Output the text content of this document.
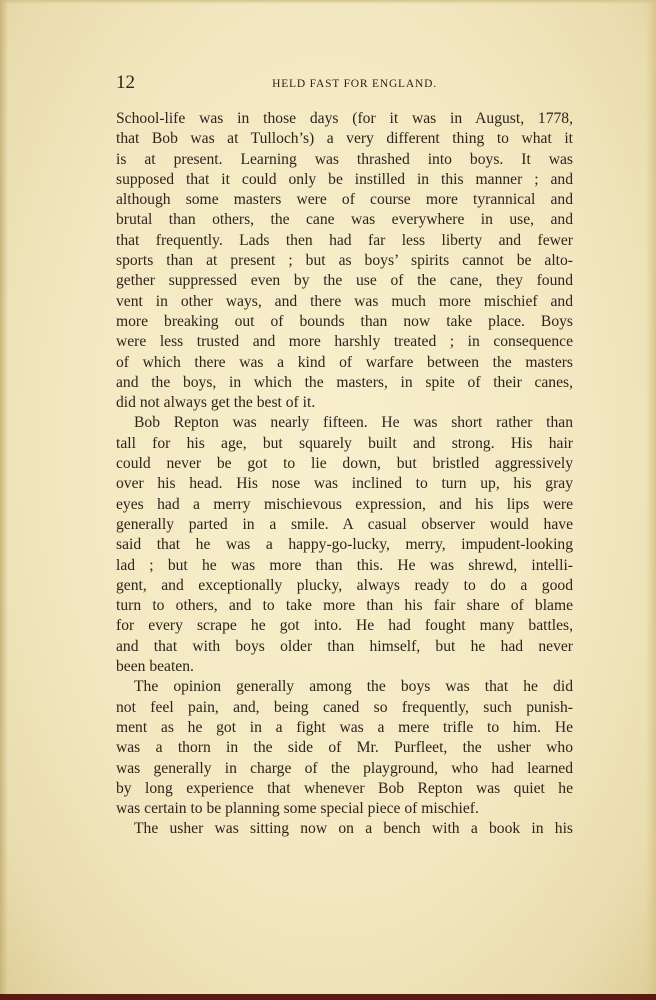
12	HELD FAST FOR ENGLAND.
School-life was in those days (for it was in August, 1778,
that Bob was at Tulloch’s) a very different thing to what it
is at present. Learning was thrashed into boys. It was
supposed that it could only be instilled in this manner ; and
although some masters were of course more tyrannical and
brutal than others, the cane was everywhere in use, and
that frequently. Lads then had far less liberty and fewer
sports than at present ; but as boys’ spirits cannot be alto-
gether suppressed even by the use of the cane, they found
vent in other ways, and there was much more mischief and
more breaking out of bounds than now take place. Boys
were less trusted and more harshly treated ; in consequence
of which there was a kind of warfare between the masters
and the boys, in which the masters, in spite of their canes,
did not always get the best of it.
Bob Repton was nearly fifteen. He was short rather than
tall for his age, but squarely built and strong. His hair
could never be got to lie down, but bristled aggressively
over his head. His nose was inclined to turn up, his gray
eyes had a merry mischievous expression, and his lips were
generally parted in a smile. A casual observer would have
said that he was a happy-go-lucky, merry, impudent-looking
lad ; but he was more than this. He was shrewd, intelli-
gent, and exceptionally plucky, always ready to do a good
turn to others, and to take more than his fair share of blame
for every scrape he got into. He had fought many battles,
and that with boys older than himself, but he had never
been beaten.
The opinion generally among the boys was that he did
not feel pain, and, being caned so frequently, such punish-
ment as he got in a fight was a mere trifle to him. He
was a thorn in the side of Mr. Purfleet, the usher who
was generally in charge of the playground, who had learned
by long experience that whenever Bob Repton was quiet he
was certain to be planning some special piece of mischief.
The usher was sitting now on a bench with a book in his
